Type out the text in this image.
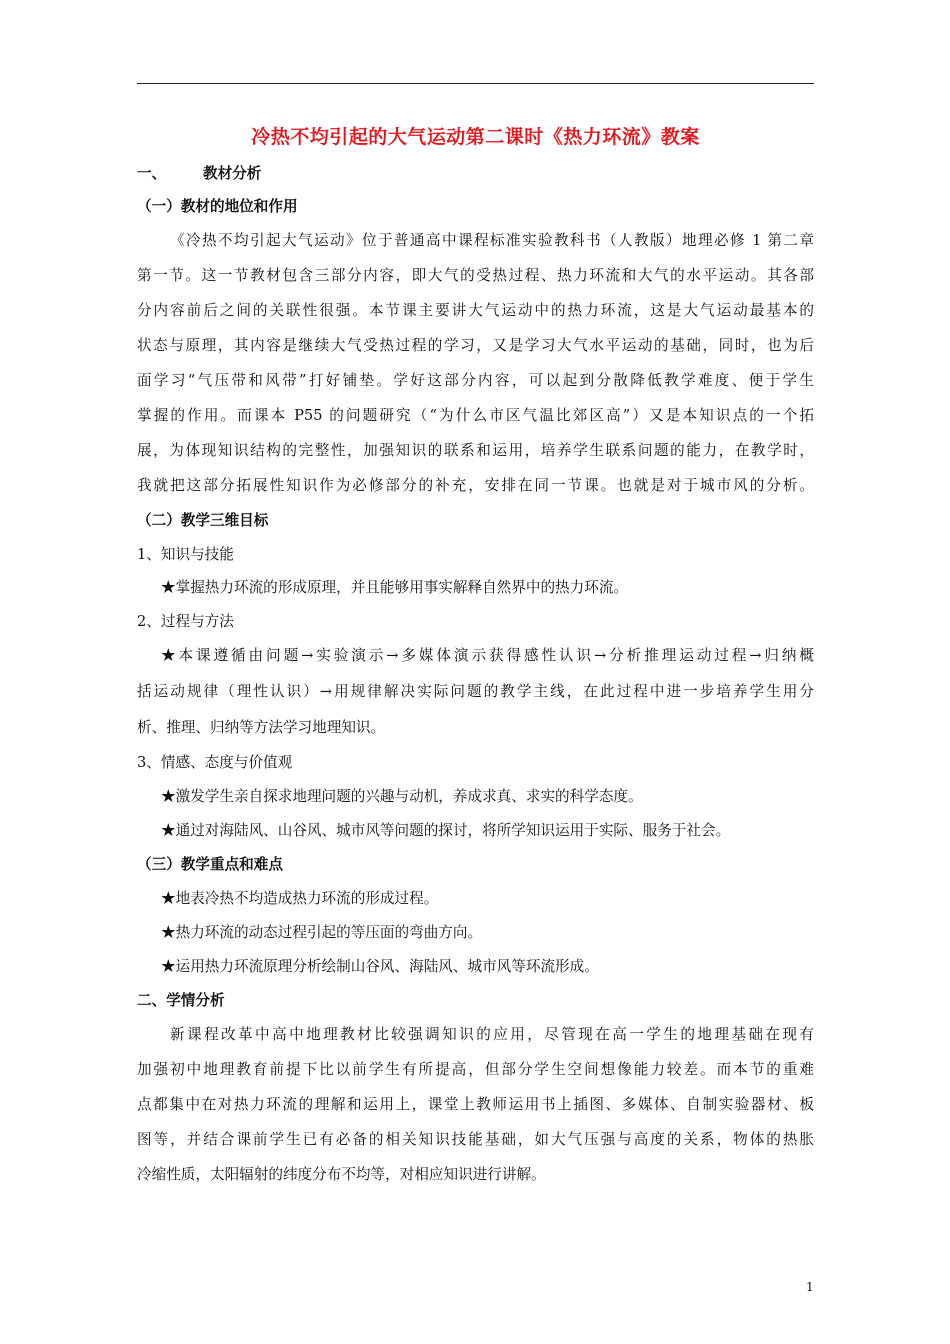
冷热不均引起的大气运动第二课时《热力环流》教案
一、	教材分析
（一）教材的地位和作用
《冷热不均引起大气运动》位于普通高中课程标准实验教科书（人教版）地理必修 1 第二章
第一节。这一节教材包含三部分内容，即大气的受热过程、热力环流和大气的水平运动。其各部
分内容前后之间的关联性很强。本节课主要讲大气运动中的热力环流，这是大气运动最基本的
状态与原理，其内容是继续大气受热过程的学习，又是学习大气水平运动的基础，同时，也为后
面学习“气压带和风带”打好铺垫。学好这部分内容，可以起到分散降低教学难度、便于学生
掌握的作用。而课本 P55 的问题研究（“为什么市区气温比郊区高”）又是本知识点的一个拓
展，为体现知识结构的完整性，加强知识的联系和运用，培养学生联系问题的能力，在教学时，
我就把这部分拓展性知识作为必修部分的补充，安排在同一节课。也就是对于城市风的分析。
（二）教学三维目标
1、知识与技能
★掌握热力环流的形成原理，并且能够用事实解释自然界中的热力环流。
2、过程与方法
★本课遵循由问题→实验演示→多媒体演示获得感性认识→分析推理运动过程→归纳概
括运动规律（理性认识）→用规律解决实际问题的教学主线，在此过程中进一步培养学生用分
析、推理、归纳等方法学习地理知识。
3、情感、态度与价值观
★激发学生亲自探求地理问题的兴趣与动机，养成求真、求实的科学态度。
★通过对海陆风、山谷风、城市风等问题的探讨，将所学知识运用于实际、服务于社会。
（三）教学重点和难点
★地表冷热不均造成热力环流的形成过程。
★热力环流的动态过程引起的等压面的弯曲方向。
★运用热力环流原理分析绘制山谷风、海陆风、城市风等环流形成。
二、学情分析
新课程改革中高中地理教材比较强调知识的应用，尽管现在高一学生的地理基础在现有
加强初中地理教育前提下比以前学生有所提高，但部分学生空间想像能力较差。而本节的重难
点都集中在对热力环流的理解和运用上，课堂上教师运用书上插图、多媒体、自制实验器材、板
图等，并结合课前学生已有必备的相关知识技能基础，如大气压强与高度的关系，物体的热胀
冷缩性质，太阳辐射的纬度分布不均等，对相应知识进行讲解。
1
